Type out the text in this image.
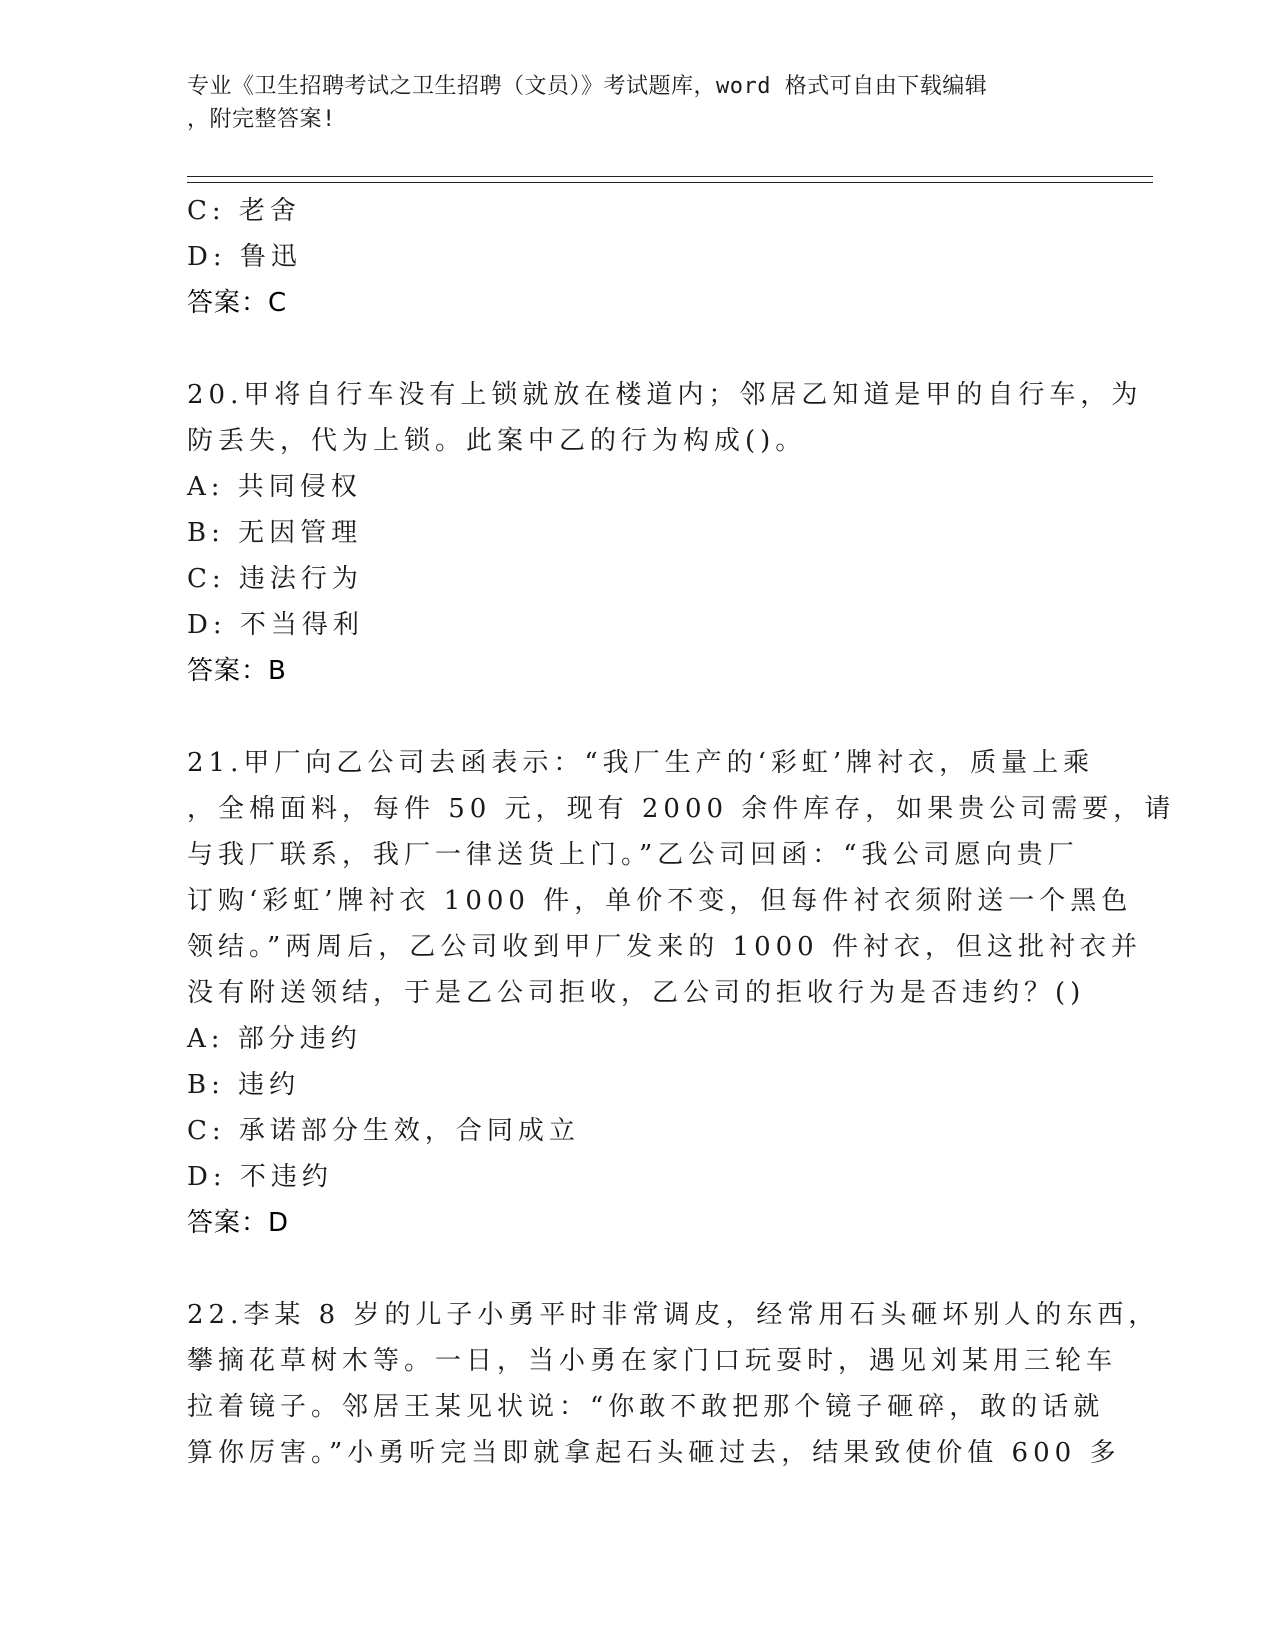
专业《卫生招聘考试之卫生招聘（文员）》考试题库，word 格式可自由下载编辑
，附完整答案!
C: 老舍
D: 鲁迅
答案：C
20.甲将自行车没有上锁就放在楼道内；邻居乙知道是甲的自行车，为
防丢失，代为上锁。此案中乙的行为构成()。
A: 共同侵权
B: 无因管理
C: 违法行为
D: 不当得利
答案：B
21.甲厂向乙公司去函表示：“我厂生产的‘彩虹’牌衬衣，质量上乘
，全棉面料，每件 50 元，现有 2000 余件库存，如果贵公司需要，请
与我厂联系，我厂一律送货上门。”乙公司回函：“我公司愿向贵厂
订购‘彩虹’牌衬衣 1000 件，单价不变，但每件衬衣须附送一个黑色
领结。”两周后，乙公司收到甲厂发来的 1000 件衬衣，但这批衬衣并
没有附送领结，于是乙公司拒收，乙公司的拒收行为是否违约？()
A: 部分违约
B: 违约
C: 承诺部分生效，合同成立
D: 不违约
答案：D
22.李某 8 岁的儿子小勇平时非常调皮，经常用石头砸坏别人的东西，
攀摘花草树木等。一日，当小勇在家门口玩耍时，遇见刘某用三轮车
拉着镜子。邻居王某见状说：“你敢不敢把那个镜子砸碎，敢的话就
算你厉害。”小勇听完当即就拿起石头砸过去，结果致使价值 600 多
